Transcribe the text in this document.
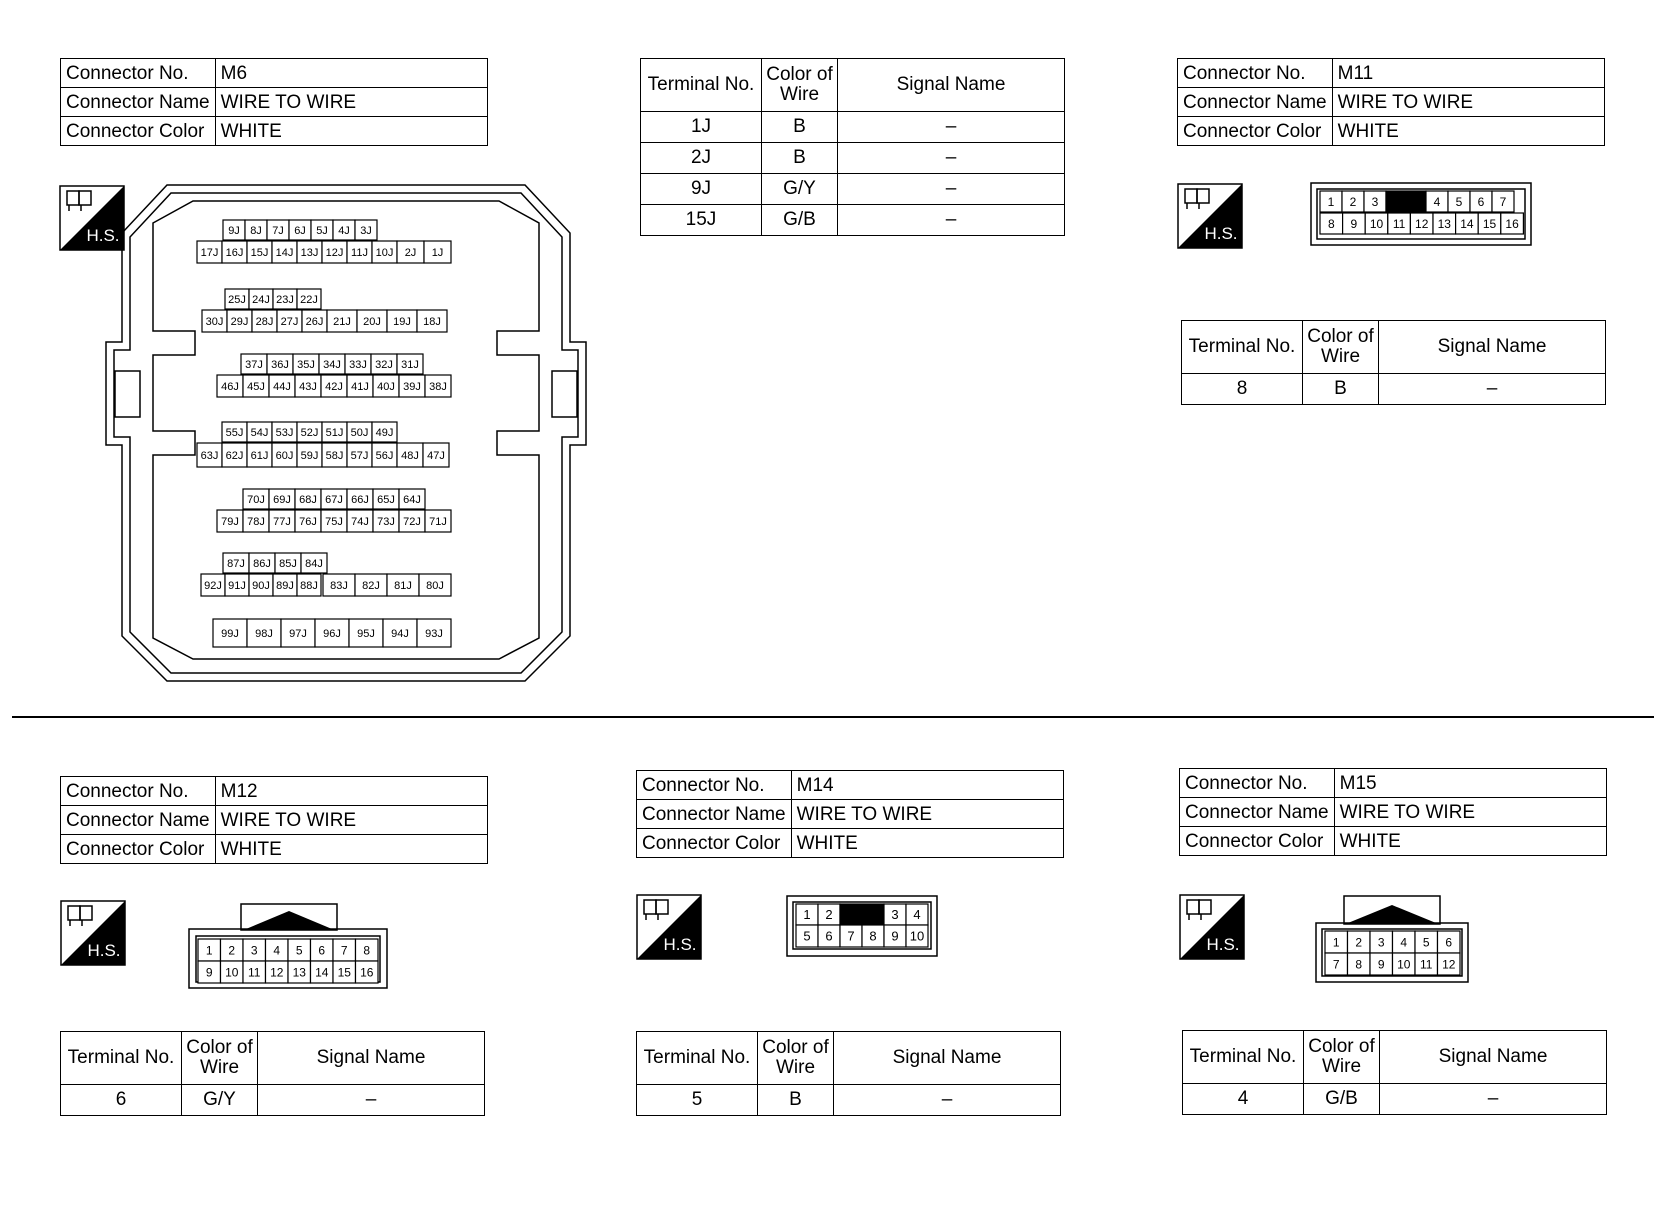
Connector No.	M6
Connector Name	WIRE TO WIRE
Connector Color	WHITE
H.S.	9J 8J 7J 6J 5J 4J 3J
17J 16J 15J 14J 13J 12J 11J 10J 2J 1J
25J 24J 23J 22J
30J 29J 28J 27J 26J 21J 20J 19J 18J
37J 36J 35J 34J 33J 32J 31J
46J 45J 44J 43J 42J 41J 40J 39J 38J
55J 54J 53J 52J 51J 50J 49J
63J 62J 61J 60J 59J 58J 57J 56J 48J 47J
70J 69J 68J 67J 66J 65J 64J
79J 78J 77J 76J 75J 74J 73J 72J 71J
87J 86J 85J 84J
92J 91J 90J 89J 88J 83J 82J 81J 80J
99J 98J 97J 96J 95J 94J 93J
Terminal No.	Color of Wire	Signal Name
1J	B	–
2J	B	–
9J	G/Y	–
15J	G/B	–
Connector No.	M11
Connector Name	WIRE TO WIRE
Connector Color	WHITE
H.S.
1 2 3	4 5 6 7
8 9 10 11 12 13 14 15 16
Terminal No.	Color of Wire	Signal Name
8	B	–
Connector No.	M12
Connector Name	WIRE TO WIRE
Connector Color	WHITE
H.S.	1 2 3 4 5 6 7 8
9 10 11 12 13 14 15 16
Terminal No.	Color of Wire	Signal Name
6	G/Y	–
Connector No.	M14
Connector Name	WIRE TO WIRE
Connector Color	WHITE
H.S.
1 2	3 4
5 6 7 8 9 10
Terminal No.	Color of Wire	Signal Name
5	B	–
Connector No.	M15
Connector Name	WIRE TO WIRE
Connector Color	WHITE
H.S.	1 2 3 4 5 6
7 8 9 10 11 12
Terminal No.	Color of Wire	Signal Name
4	G/B	–
